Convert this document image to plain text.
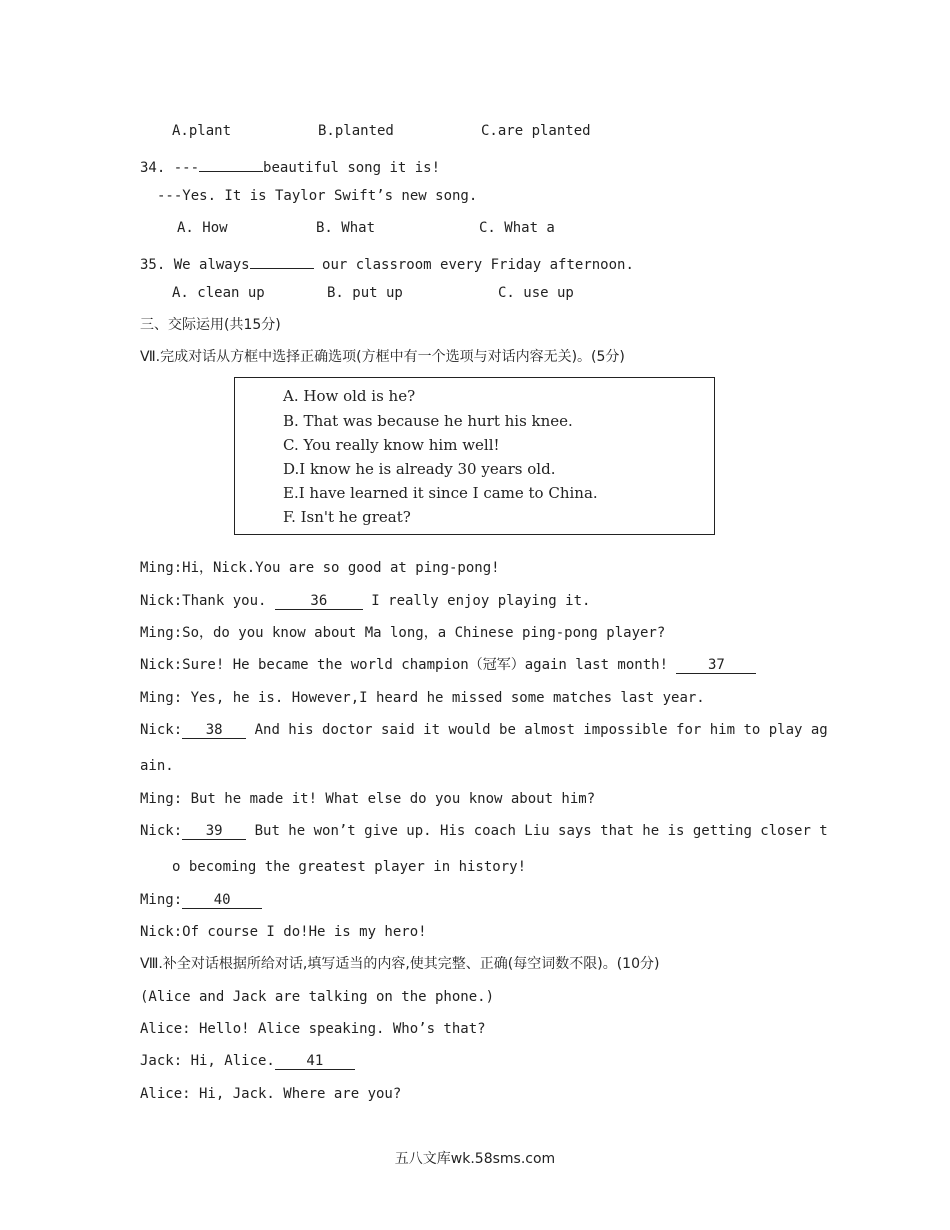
A.plant	B.planted	C.are planted
34. ---	beautiful song it is!
---Yes. It is Taylor Swift’s new song.
A. How	B. What	C. What a
35. We always	our classroom every Friday afternoon.
A. clean up	B. put up	C. use up
三、交际运用(共15分)
Ⅶ.完成对话从方框中选择正确选项(方框中有一个选项与对话内容无关)。(5分)
A. How old is he?
B. That was because he hurt his knee.
C. You really know him well!
D.I know he is already 30 years old.
E.I have learned it since I came to China.
F. Isn't he great?
Ming:Hi，Nick.You are so good at ping-pong!
Nick:Thank you.	36	I really enjoy playing it.
Ming:So，do you know about Ma long，a Chinese ping-pong player?
Nick:Sure! He became the world champion（冠军）again last month! 37
Ming: Yes, he is. However,I heard he missed some matches last year.
Nick: 38 And his doctor said it would be almost impossible for him to play ag
ain.
Ming: But he made it! What else do you know about him?
Nick: 39 But he won’t give up. His coach Liu says that he is getting closer t
o becoming the greatest player in history!
Ming: 40
Nick:Of course I do!He is my hero!
Ⅷ.补全对话根据所给对话,填写适当的内容,使其完整、正确(每空词数不限)。(10分)
(Alice and Jack are talking on the phone.)
Alice: Hello! Alice speaking. Who’s that?
Jack: Hi, Alice. 41
Alice: Hi, Jack. Where are you?
五八文库wk.58sms.com
